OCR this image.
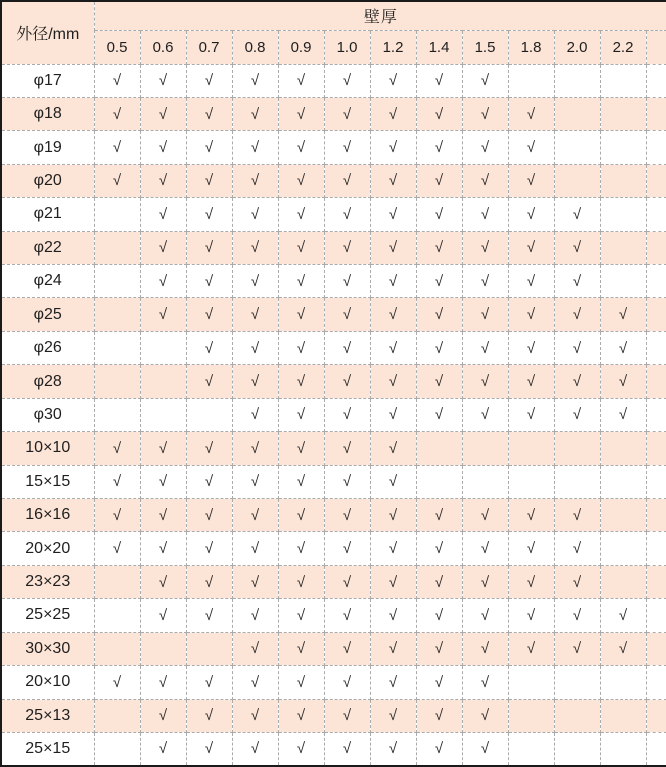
外径/mm	壁厚												
	0.5	0.6	0.7	0.8	0.9	1.0	1.2	1.4	1.5	1.8	2.0	2.2	
φ17	√	√	√	√	√	√	√	√	√				
φ18	√	√	√	√	√	√	√	√	√	√			
φ19	√	√	√	√	√	√	√	√	√	√			
φ20	√	√	√	√	√	√	√	√	√	√			
φ21		√	√	√	√	√	√	√	√	√	√		
φ22		√	√	√	√	√	√	√	√	√	√		
φ24		√	√	√	√	√	√	√	√	√	√		
φ25		√	√	√	√	√	√	√	√	√	√	√	
φ26			√	√	√	√	√	√	√	√	√	√	
φ28			√	√	√	√	√	√	√	√	√	√	
φ30				√	√	√	√	√	√	√	√	√	
10×10	√	√	√	√	√	√	√						
15×15	√	√	√	√	√	√	√						
16×16	√	√	√	√	√	√	√	√	√	√	√		
20×20	√	√	√	√	√	√	√	√	√	√	√		
23×23		√	√	√	√	√	√	√	√	√	√		
25×25		√	√	√	√	√	√	√	√	√	√	√	
30×30				√	√	√	√	√	√	√	√	√	
20×10	√	√	√	√	√	√	√	√	√				
25×13		√	√	√	√	√	√	√	√				
25×15		√	√	√	√	√	√	√	√				
